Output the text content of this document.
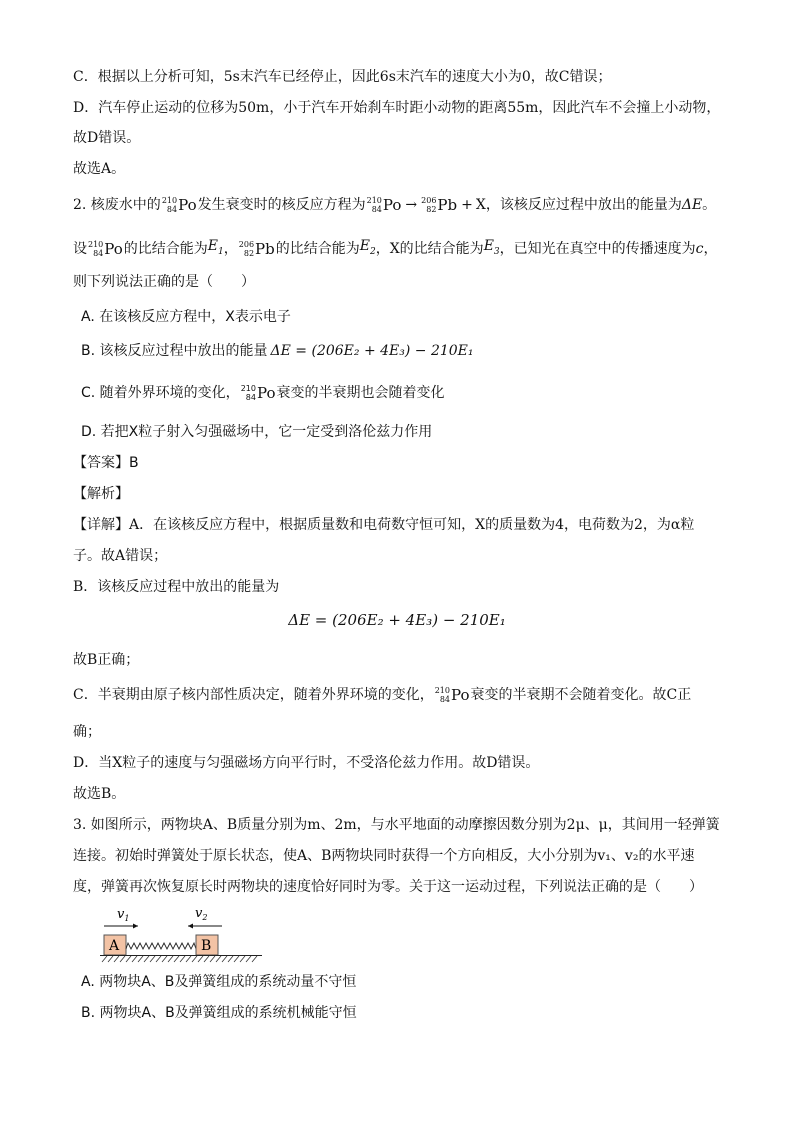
C．根据以上分析可知，5s末汽车已经停止，因此6s末汽车的速度大小为0，故C错误；
D．汽车停止运动的位移为50m，小于汽车开始刹车时距小动物的距离55m，因此汽车不会撞上小动物，
故D错误。
故选A。
2. 核废水中的 210
84 Po 发生衰变时的核反应方程为 210
84 Po → 206
82 Pb + X ，该核反应过程中放出的能量为 ΔE 。
设 210
84 Po 的比结合能为 $E_1$ ， 206
82 Pb 的比结合能为 $E_2$ ，X的比结合能为 $E_3$ ，已知光在真空中的传播速度为 c ，
则下列说法正确的是（　　）
A. 在该核反应方程中，X表示电子
B. 该核反应过程中放出的能量 ΔE = (206E₂ + 4E₃) − 210E₁
C. 随着外界环境的变化， 210
84 Po 衰变的半衰期也会随着变化
D. 若把X粒子射入匀强磁场中，它一定受到洛伦兹力作用
【答案】B
【解析】
【详解】A．在该核反应方程中，根据质量数和电荷数守恒可知，X的质量数为4，电荷数为2，为α粒
子。故A错误；
B．该核反应过程中放出的能量为
ΔE = (206E₂ + 4E₃) − 210E₁
故B正确；
C．半衰期由原子核内部性质决定，随着外界环境的变化， 210
84 Po 衰变的半衰期不会随着变化。故C正
确；
D．当X粒子的速度与匀强磁场方向平行时，不受洛伦兹力作用。故D错误。
故选B。
3. 如图所示，两物块A、B质量分别为m、2m，与水平地面的动摩擦因数分别为2μ、μ，其间用一轻弹簧
连接。初始时弹簧处于原长状态，使A、B两物块同时获得一个方向相反，大小分别为v₁、v₂的水平速
度，弹簧再次恢复原长时两物块的速度恰好同时为零。关于这一运动过程，下列说法正确的是（　　）
$v_1$	$v_2$
A	B
A. 两物块A、B及弹簧组成的系统动量不守恒
B. 两物块A、B及弹簧组成的系统机械能守恒
